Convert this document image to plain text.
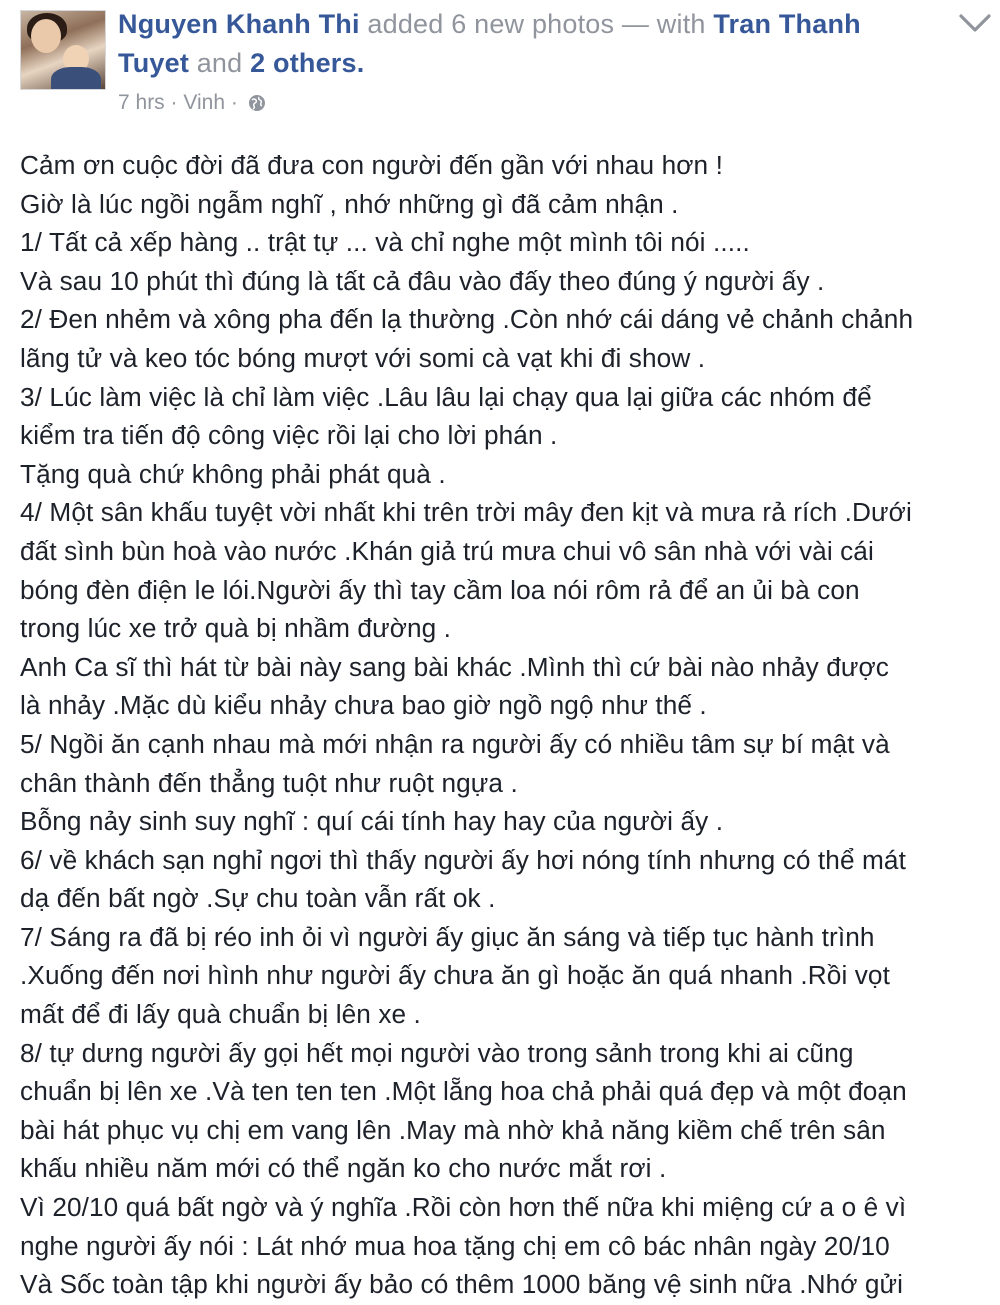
Nguyen Khanh Thi added 6 new photos — with Tran Thanh
Tuyet and 2 others.
7 hrs · Vinh ·
Cảm ơn cuộc đời đã đưa con người đến gần với nhau hơn !
Giờ là lúc ngồi ngẫm nghĩ , nhớ những gì đã cảm nhận .
1/ Tất cả xếp hàng .. trật tự ... và chỉ nghe một mình tôi nói .....
Và sau 10 phút thì đúng là tất cả đâu vào đấy theo đúng ý người ấy .
2/ Đen nhẻm và xông pha đến lạ thường .Còn nhớ cái dáng vẻ chảnh chảnh
lãng tử và keo tóc bóng mượt với somi cà vạt khi đi show .
3/ Lúc làm việc là chỉ làm việc .Lâu lâu lại chạy qua lại giữa các nhóm để
kiểm tra tiến độ công việc rồi lại cho lời phán .
Tặng quà chứ không phải phát quà .
4/ Một sân khấu tuyệt vời nhất khi trên trời mây đen kịt và mưa rả rích .Dưới
đất sình bùn hoà vào nước .Khán giả trú mưa chui vô sân nhà với vài cái
bóng đèn điện le lói.Người ấy thì tay cầm loa nói rôm rả để an ủi bà con
trong lúc xe trở quà bị nhầm đường .
Anh Ca sĩ thì hát từ bài này sang bài khác .Mình thì cứ bài nào nhảy được
là nhảy .Mặc dù kiểu nhảy chưa bao giờ ngồ ngộ như thế .
5/ Ngồi ăn cạnh nhau mà mới nhận ra người ấy có nhiều tâm sự bí mật và
chân thành đến thẳng tuột như ruột ngựa .
Bỗng nảy sinh suy nghĩ : quí cái tính hay hay của người ấy .
6/ về khách sạn nghỉ ngơi thì thấy người ấy hơi nóng tính nhưng có thể mát
dạ đến bất ngờ .Sự chu toàn vẫn rất ok .
7/ Sáng ra đã bị réo inh ỏi vì người ấy giục ăn sáng và tiếp tục hành trình
.Xuống đến nơi hình như người ấy chưa ăn gì hoặc ăn quá nhanh .Rồi vọt
mất để đi lấy quà chuẩn bị lên xe .
8/ tự dưng người ấy gọi hết mọi người vào trong sảnh trong khi ai cũng
chuẩn bị lên xe .Và ten ten ten .Một lẵng hoa chả phải quá đẹp và một đoạn
bài hát phục vụ chị em vang lên .May mà nhờ khả năng kiềm chế trên sân
khấu nhiều năm mới có thể ngăn ko cho nước mắt rơi .
Vì 20/10 quá bất ngờ và ý nghĩa .Rồi còn hơn thế nữa khi miệng cứ a o ê vì
nghe người ấy nói : Lát nhớ mua hoa tặng chị em cô bác nhân ngày 20/10
Và Sốc toàn tập khi người ấy bảo có thêm 1000 băng vệ sinh nữa .Nhớ gửi
